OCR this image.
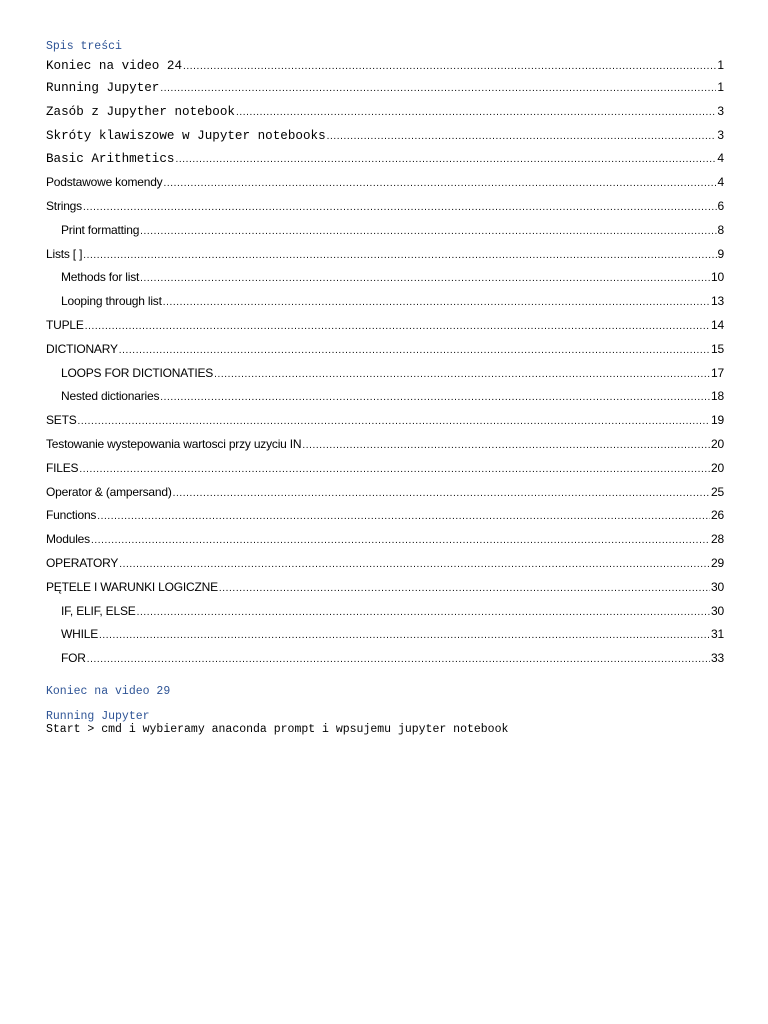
Spis treści

Koniec na video 24 .....	1
Running Jupyter .....	1
Zasób z Jupyther notebook .....	3
Skróty klawiszowe w Jupyter notebooks .....	3
Basic Arithmetics .....	4
Podstawowe komendy .....	4
Strings .....	6
Print formatting .....	8
Lists [ ] .....	9
Methods for list .....	10
Looping through list .....	13
TUPLE .....	14
DICTIONARY .....	15
LOOPS FOR DICTIONATIES .....	17
Nested dictionaries .....	18
SETS .....	19
Testowanie wystepowania wartosci przy uzyciu IN .....	20
FILES .....	20
Operator & (ampersand) .....	25
Functions .....	26
Modules .....	28
OPERATORY .....	29
PĘTELE I WARUNKI LOGICZNE .....	30
IF, ELIF, ELSE .....	30
WHILE .....	31
FOR .....	33

Koniec na video 29

Running Jupyter

Start > cmd i wybieramy anaconda prompt i wpsujemu jupyter notebook
